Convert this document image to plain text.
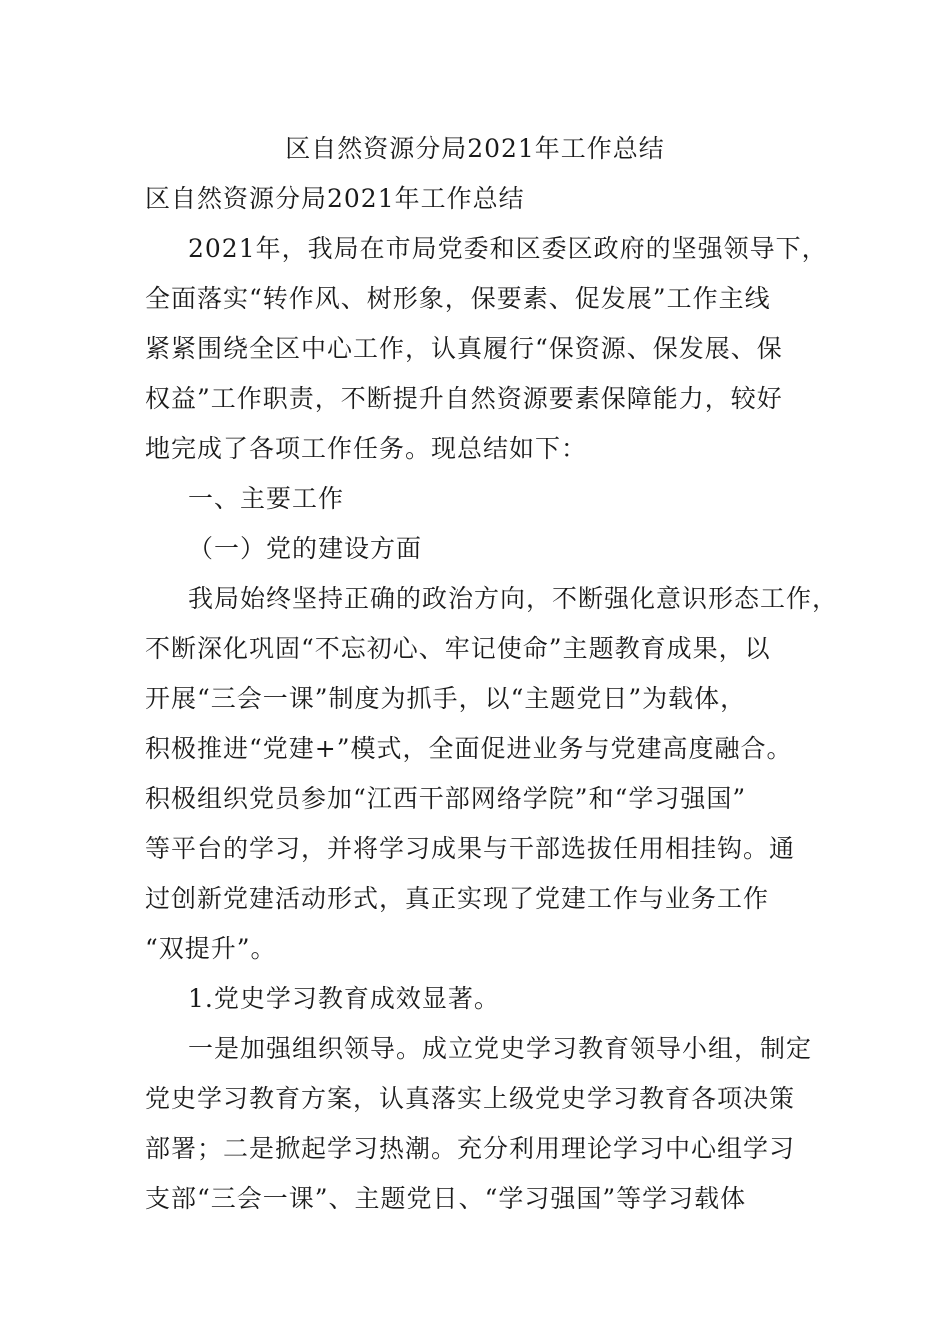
区自然资源分局2021年工作总结
区自然资源分局2021年工作总结
2021年，我局在市局党委和区委区政府的坚强领导下，
全面落实“转作风、树形象，保要素、促发展”工作主线
紧紧围绕全区中心工作，认真履行“保资源、保发展、保
权益”工作职责，不断提升自然资源要素保障能力，较好
地完成了各项工作任务。现总结如下：
一、主要工作
（一）党的建设方面
我局始终坚持正确的政治方向，不断强化意识形态工作，
不断深化巩固“不忘初心、牢记使命”主题教育成果，以
开展“三会一课”制度为抓手，以“主题党日”为载体，
积极推进“党建+”模式，全面促进业务与党建高度融合。
积极组织党员参加“江西干部网络学院”和“学习强国”
等平台的学习，并将学习成果与干部选拔任用相挂钩。通
过创新党建活动形式，真正实现了党建工作与业务工作
“双提升”。
1.党史学习教育成效显著。
一是加强组织领导。成立党史学习教育领导小组，制定
党史学习教育方案，认真落实上级党史学习教育各项决策
部署；二是掀起学习热潮。充分利用理论学习中心组学习
支部“三会一课”、主题党日、“学习强国”等学习载体
